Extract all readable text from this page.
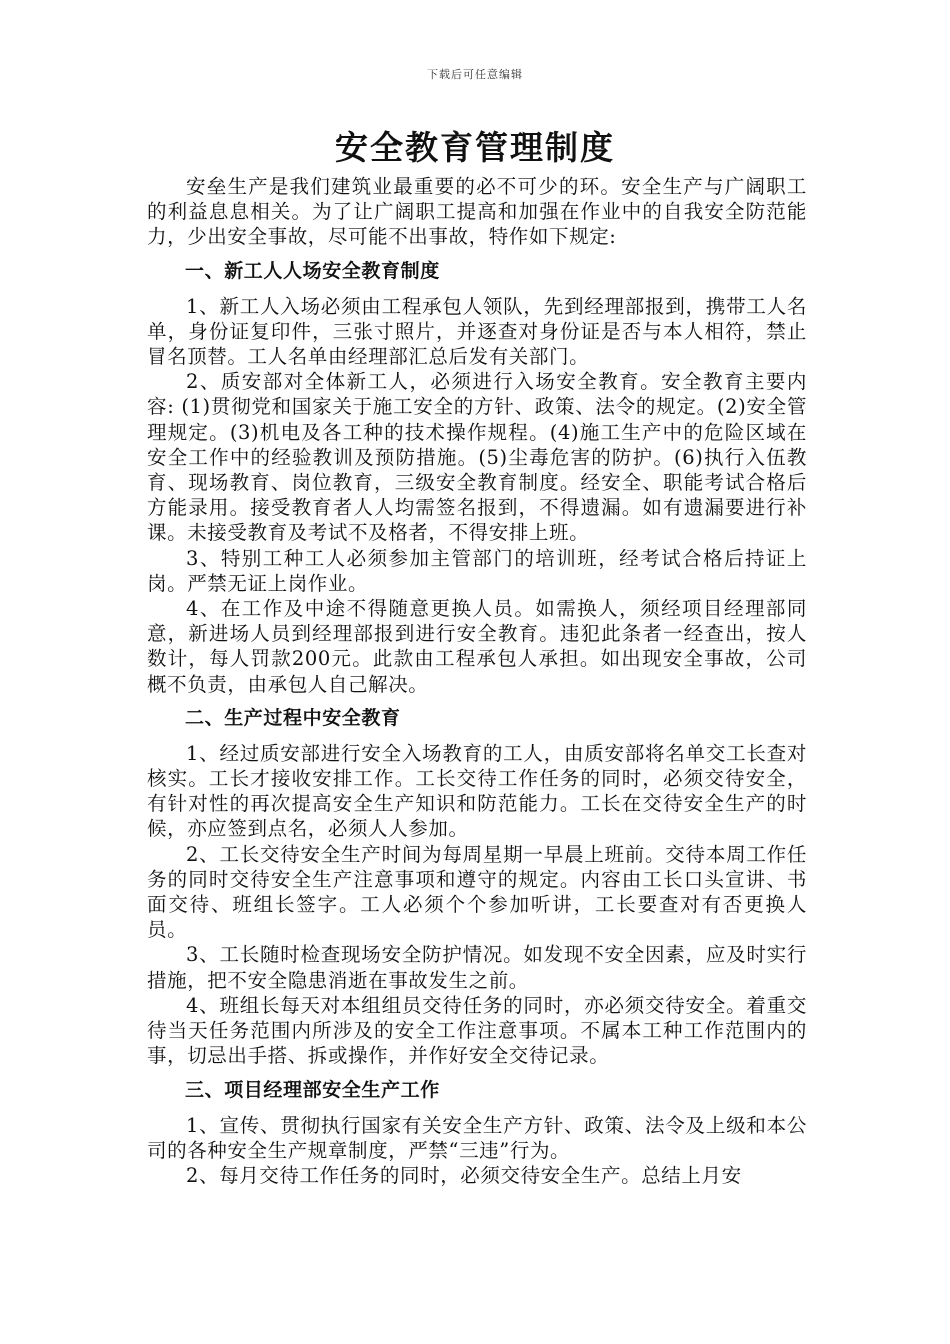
下载后可任意编辑
安全教育管理制度

安垒生产是我们建筑业最重要的必不可少的环。安全生产与广阔职工的利益息息相关。为了让广阔职工提高和加强在作业中的自我安全防范能力，少出安全事故，尽可能不出事故，特作如下规定:

一、新工人人场安全教育制度

1、新工人入场必须由工程承包人领队，先到经理部报到，携带工人名单，身份证复印件，三张寸照片，并逐查对身份证是否与本人相符，禁止冒名顶替。工人名单由经理部汇总后发有关部门。

2、质安部对全体新工人，必须进行入场安全教育。安全教育主要内容: (1)贯彻党和国家关于施工安全的方针、政策、法令的规定。(2)安全管理规定。(3)机电及各工种的技术操作规程。(4)施工生产中的危险区域在安全工作中的经验教训及预防措施。(5)尘毒危害的防护。(6)执行入伍教育、现场教育、岗位教育，三级安全教育制度。经安全、职能考试合格后方能录用。接受教育者人人均需签名报到，不得遗漏。如有遗漏要进行补课。未接受教育及考试不及格者，不得安排上班。

3、特别工种工人必须参加主管部门的培训班，经考试合格后持证上岗。严禁无证上岗作业。

4、在工作及中途不得随意更换人员。如需换人，须经项目经理部同意，新进场人员到经理部报到进行安全教育。违犯此条者一经查出，按人数计，每人罚款200元。此款由工程承包人承担。如出现安全事故，公司概不负责，由承包人自己解决。

二、生产过程中安全教育

1、经过质安部进行安全入场教育的工人，由质安部将名单交工长查对核实。工长才接收安排工作。工长交待工作任务的同时，必须交待安全，有针对性的再次提高安全生产知识和防范能力。工长在交待安全生产的时候，亦应签到点名，必须人人参加。

2、工长交待安全生产时间为每周星期一早晨上班前。交待本周工作任务的同时交待安全生产注意事项和遵守的规定。内容由工长口头宣讲、书面交待、班组长签字。工人必须个个参加听讲，工长要查对有否更换人员。

3、工长随时检查现场安全防护情况。如发现不安全因素，应及时实行措施，把不安全隐患消逝在事故发生之前。

4、班组长每天对本组组员交待任务的同时，亦必须交待安全。着重交待当天任务范围内所涉及的安全工作注意事项。不属本工种工作范围内的事，切忌出手搭、拆或操作，并作好安全交待记录。

三、项目经理部安全生产工作

1、宣传、贯彻执行国家有关安全生产方针、政策、法令及上级和本公司的各种安全生产规章制度，严禁“三违”行为。

2、每月交待工作任务的同时，必须交待安全生产。总结上月安
